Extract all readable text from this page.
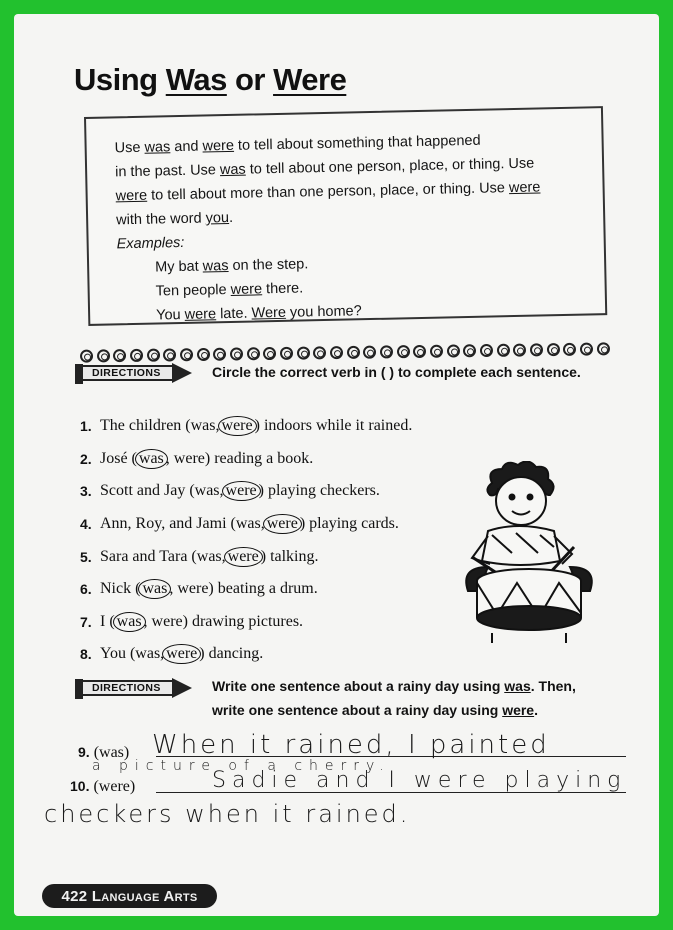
Using Was or Were
Use was and were to tell about something that happened
in the past. Use was to tell about one person, place, or thing. Use
were to tell about more than one person, place, or thing. Use were
with the word you.
Examples:
My bat was on the step.
Ten people were there.
You were late. Were you home?
DIRECTIONS	Circle the correct verb in ( ) to complete each sentence.
1. The children (was, were ) indoors while it rained.
2. José ( was , were) reading a book.
3. Scott and Jay (was, were ) playing checkers.
4. Ann, Roy, and Jami (was, were ) playing cards.
5. Sara and Tara (was, were ) talking.
6. Nick ( was , were) beating a drum.
7. I ( was , were) drawing pictures.
8. You (was, were ) dancing.
DIRECTIONS	Write one sentence about a rainy day using was. Then,
write one sentence about a rainy day using were.
9. (was) When it rained, I painted
a picture of a cherry.
10. (were)	Sadie and I were playing
checkers when it rained.
422 Language Arts
